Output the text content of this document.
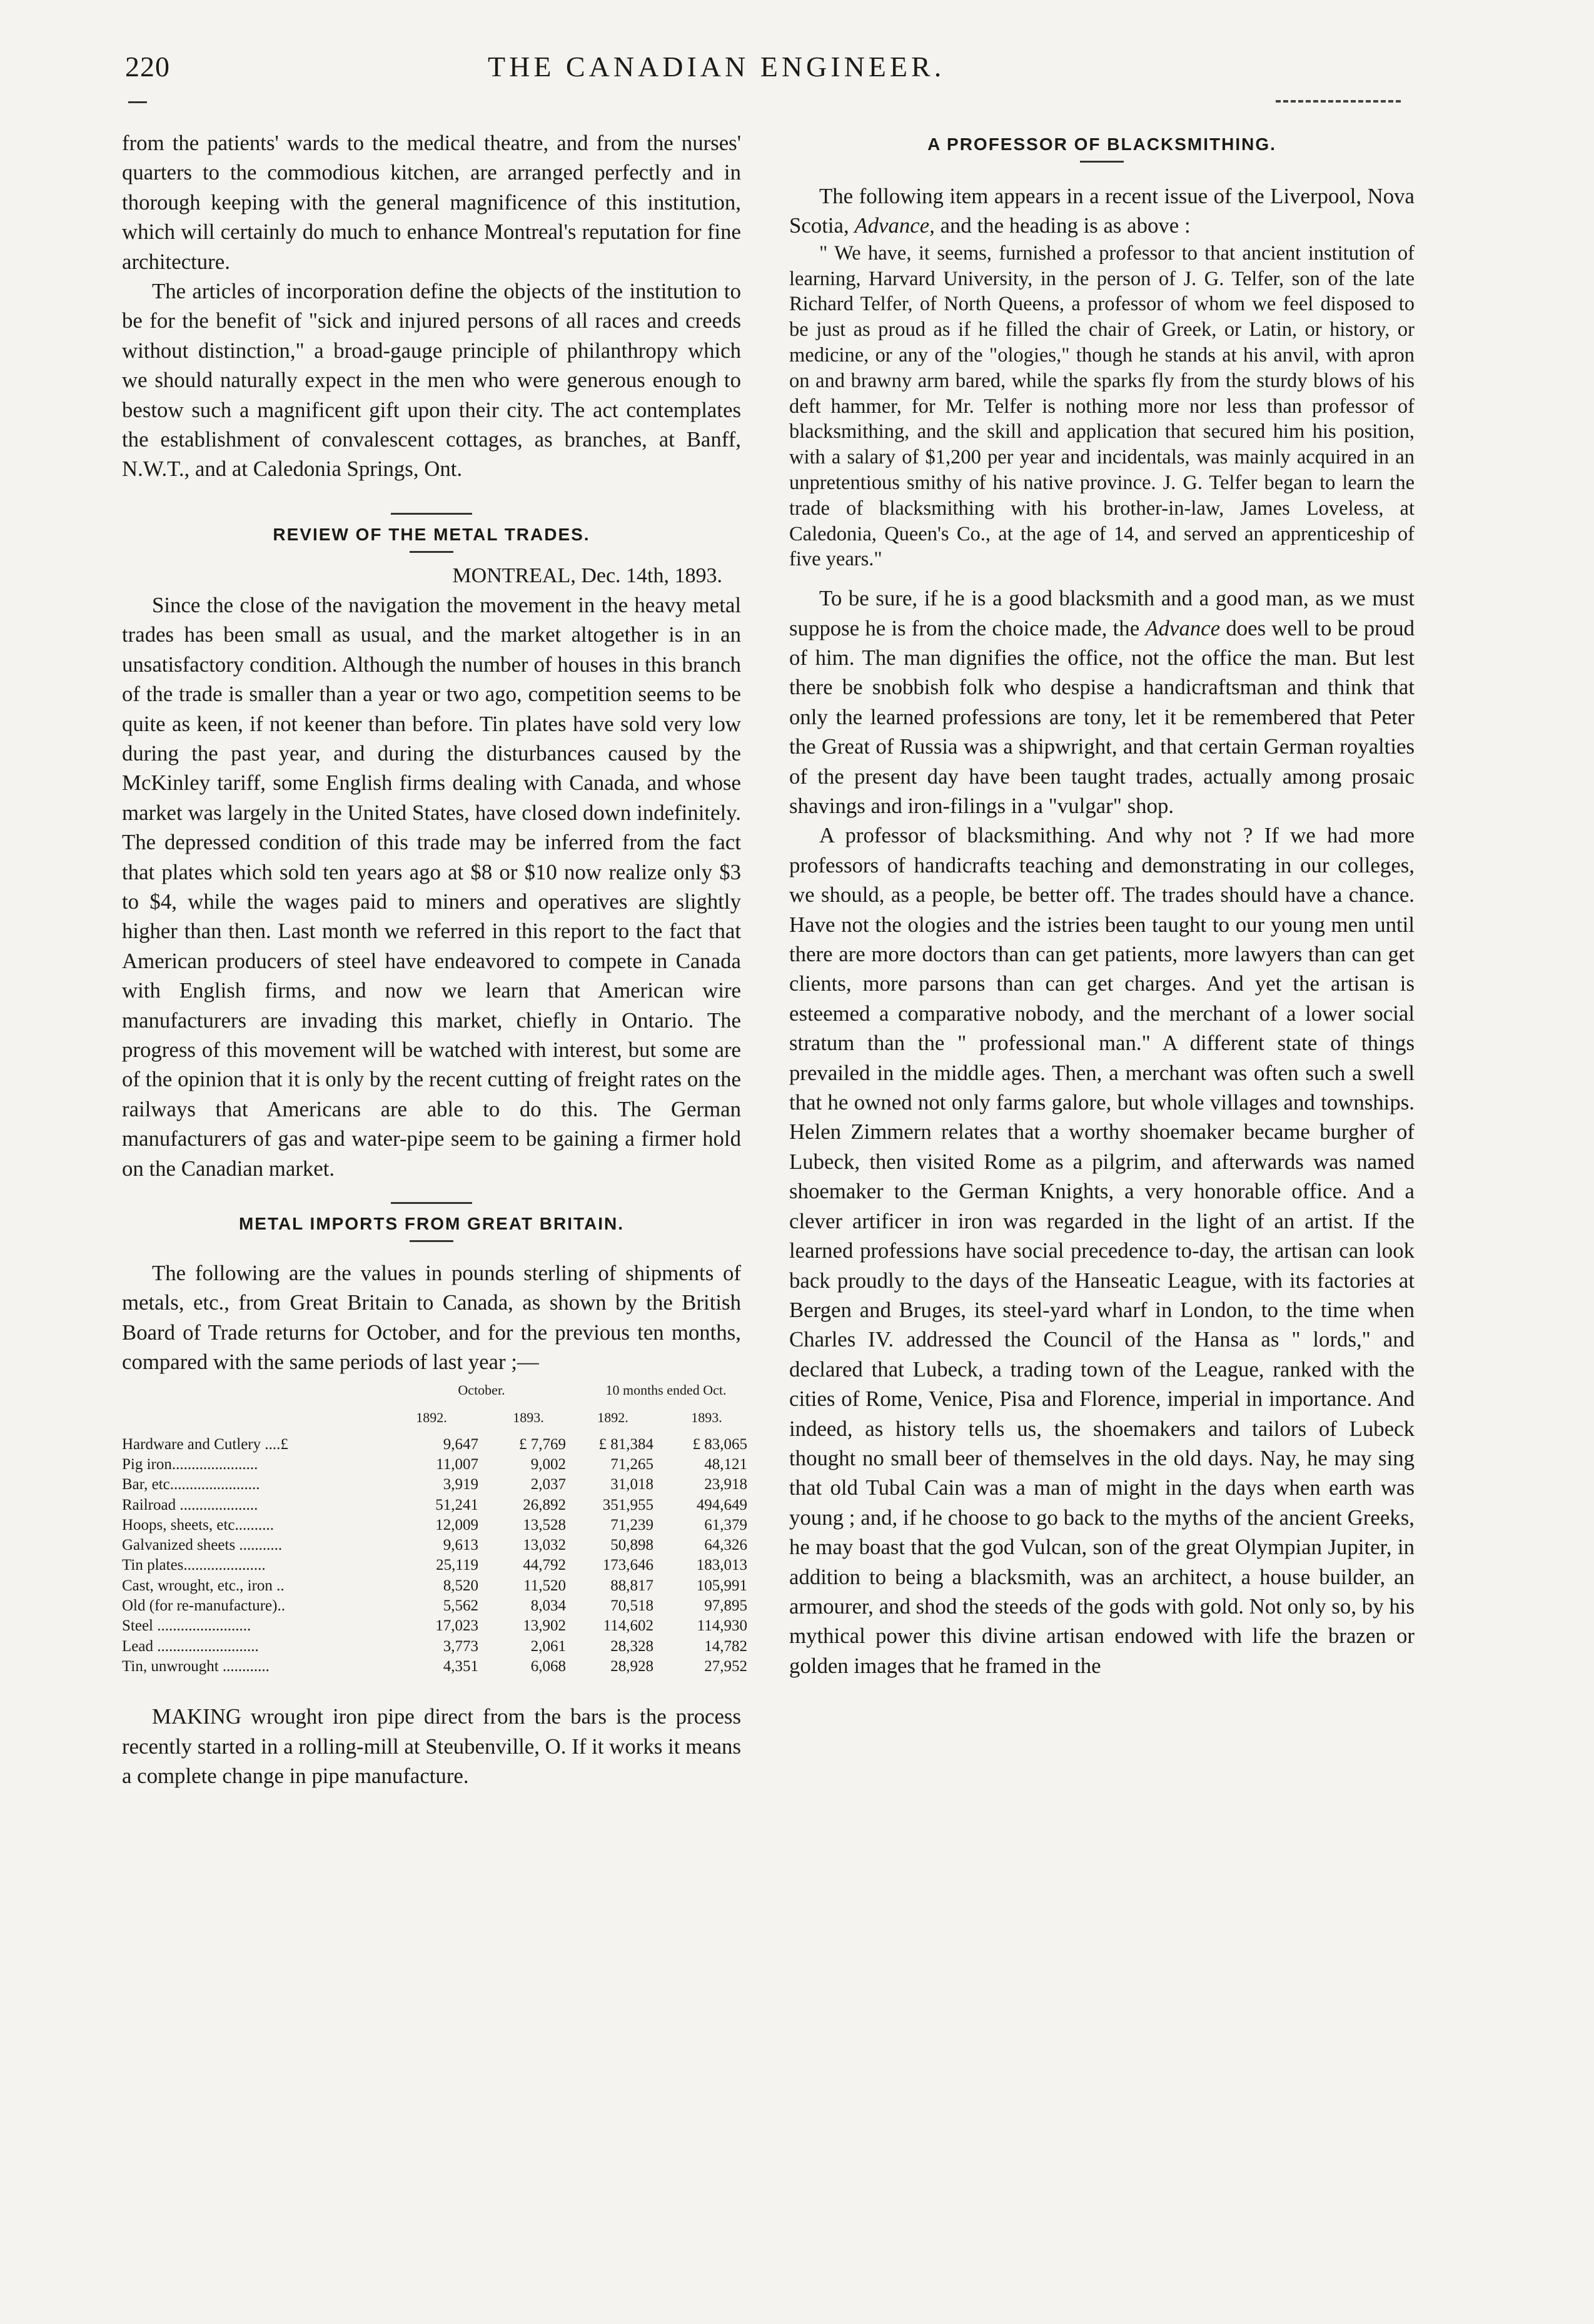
220	THE CANADIAN ENGINEER.

from the patients' wards to the medical theatre, and from the nurses' quarters to the commodious kitchen, are arranged perfectly and in thorough keeping with the general magnificence of this institution, which will certainly do much to enhance Montreal's reputation for fine architecture.

The articles of incorporation define the objects of the institution to be for the benefit of "sick and injured persons of all races and creeds without distinction," a broad-gauge principle of philanthropy which we should naturally expect in the men who were generous enough to bestow such a magnificent gift upon their city. The act contemplates the establishment of convalescent cottages, as branches, at Banff, N.W.T., and at Caledonia Springs, Ont.

REVIEW OF THE METAL TRADES.
MONTREAL, Dec. 14th, 1893.

Since the close of the navigation the movement in the heavy metal trades has been small as usual, and the market altogether is in an unsatisfactory condition. Although the number of houses in this branch of the trade is smaller than a year or two ago, competition seems to be quite as keen, if not keener than before. Tin plates have sold very low during the past year, and during the disturbances caused by the McKinley tariff, some English firms dealing with Canada, and whose market was largely in the United States, have closed down indefinitely. The depressed condition of this trade may be inferred from the fact that plates which sold ten years ago at $8 or $10 now realize only $3 to $4, while the wages paid to miners and operatives are slightly higher than then. Last month we referred in this report to the fact that American producers of steel have endeavored to compete in Canada with English firms, and now we learn that American wire manufacturers are invading this market, chiefly in Ontario. The progress of this movement will be watched with interest, but some are of the opinion that it is only by the recent cutting of freight rates on the railways that Americans are able to do this. The German manufacturers of gas and water-pipe seem to be gaining a firmer hold on the Canadian market.

METAL IMPORTS FROM GREAT BRITAIN.

The following are the values in pounds sterling of shipments of metals, etc., from Great Britain to Canada, as shown by the British Board of Trade returns for October, and for the previous ten months, compared with the same periods of last year ;—

October.	10 months ended Oct.
1892.	1893.	1892.	1893.
Hardware and Cutlery ....£	9,647	£ 7,769	£ 81,384	£ 83,065
Pig iron......................	11,007	9,002	71,265	48,121
Bar, etc.......................	3,919	2,037	31,018	23,918
Railroad ....................	51,241	26,892	351,955	494,649
Hoops, sheets, etc..........	12,009	13,528	71,239	61,379
Galvanized sheets ...........	9,613	13,032	50,898	64,326
Tin plates.....................	25,119	44,792	173,646	183,013
Cast, wrought, etc., iron ..	8,520	11,520	88,817	105,991
Old (for re-manufacture)..	5,562	8,034	70,518	97,895
Steel ........................	17,023	13,902	114,602	114,930
Lead ..........................	3,773	2,061	28,328	14,782
Tin, unwrought ............	4,351	6,068	28,928	27,952

MAKING wrought iron pipe direct from the bars is the process recently started in a rolling-mill at Steubenville, O. If it works it means a complete change in pipe manufacture.

A PROFESSOR OF BLACKSMITHING.

The following item appears in a recent issue of the Liverpool, Nova Scotia, Advance, and the heading is as above :

" We have, it seems, furnished a professor to that ancient institution of learning, Harvard University, in the person of J. G. Telfer, son of the late Richard Telfer, of North Queens, a professor of whom we feel disposed to be just as proud as if he filled the chair of Greek, or Latin, or history, or medicine, or any of the "ologies," though he stands at his anvil, with apron on and brawny arm bared, while the sparks fly from the sturdy blows of his deft hammer, for Mr. Telfer is nothing more nor less than professor of blacksmithing, and the skill and application that secured him his position, with a salary of $1,200 per year and incidentals, was mainly acquired in an unpretentious smithy of his native province. J. G. Telfer began to learn the trade of blacksmithing with his brother-in-law, James Loveless, at Caledonia, Queen's Co., at the age of 14, and served an apprenticeship of five years."

To be sure, if he is a good blacksmith and a good man, as we must suppose he is from the choice made, the Advance does well to be proud of him. The man dignifies the office, not the office the man. But lest there be snobbish folk who despise a handicraftsman and think that only the learned professions are tony, let it be remembered that Peter the Great of Russia was a shipwright, and that certain German royalties of the present day have been taught trades, actually among prosaic shavings and iron-filings in a "vulgar" shop.

A professor of blacksmithing. And why not ? If we had more professors of handicrafts teaching and demonstrating in our colleges, we should, as a people, be better off. The trades should have a chance. Have not the ologies and the istries been taught to our young men until there are more doctors than can get patients, more lawyers than can get clients, more parsons than can get charges. And yet the artisan is esteemed a comparative nobody, and the merchant of a lower social stratum than the " professional man." A different state of things prevailed in the middle ages. Then, a merchant was often such a swell that he owned not only farms galore, but whole villages and townships. Helen Zimmern relates that a worthy shoemaker became burgher of Lubeck, then visited Rome as a pilgrim, and afterwards was named shoemaker to the German Knights, a very honorable office. And a clever artificer in iron was regarded in the light of an artist. If the learned professions have social precedence to-day, the artisan can look back proudly to the days of the Hanseatic League, with its factories at Bergen and Bruges, its steel-yard wharf in London, to the time when Charles IV. addressed the Council of the Hansa as " lords," and declared that Lubeck, a trading town of the League, ranked with the cities of Rome, Venice, Pisa and Florence, imperial in importance. And indeed, as history tells us, the shoemakers and tailors of Lubeck thought no small beer of themselves in the old days. Nay, he may sing that old Tubal Cain was a man of might in the days when earth was young ; and, if he choose to go back to the myths of the ancient Greeks, he may boast that the god Vulcan, son of the great Olympian Jupiter, in addition to being a blacksmith, was an architect, a house builder, an armourer, and shod the steeds of the gods with gold. Not only so, by his mythical power this divine artisan endowed with life the brazen or golden images that he framed in the
